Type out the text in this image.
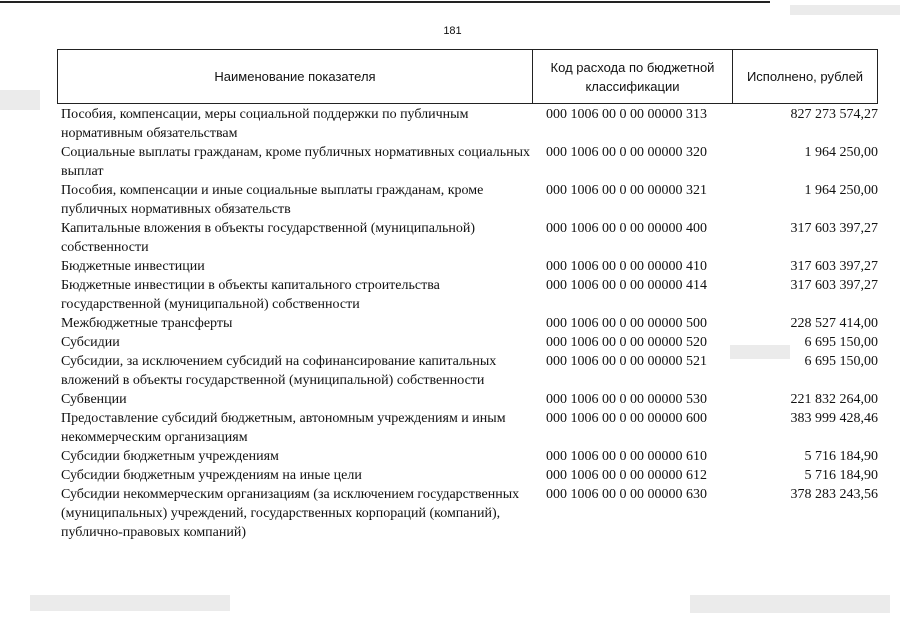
181
Наименование показателя
Код расхода по бюджетной классификации
Исполнено, рублей
Пособия, компенсации, меры социальной поддержки по публичным нормативным обязательствам
000 1006 00 0 00 00000 313	827 273 574,27
Социальные выплаты гражданам, кроме публичных нормативных социальных выплат
000 1006 00 0 00 00000 320	1 964 250,00
Пособия, компенсации и иные социальные выплаты гражданам, кроме публичных нормативных обязательств
000 1006 00 0 00 00000 321	1 964 250,00
Капитальные вложения в объекты государственной (муниципальной) собственности
000 1006 00 0 00 00000 400	317 603 397,27
Бюджетные инвестиции	000 1006 00 0 00 00000 410	317 603 397,27
Бюджетные инвестиции в объекты капитального строительства государственной (муниципальной) собственности
000 1006 00 0 00 00000 414	317 603 397,27
Межбюджетные трансферты	000 1006 00 0 00 00000 500	228 527 414,00
Субсидии	000 1006 00 0 00 00000 520	6 695 150,00
Субсидии, за исключением субсидий на софинансирование капитальных вложений в объекты государственной (муниципальной) собственности
000 1006 00 0 00 00000 521	6 695 150,00
Субвенции	000 1006 00 0 00 00000 530	221 832 264,00
Предоставление субсидий бюджетным, автономным учреждениям и иным некоммерческим организациям
000 1006 00 0 00 00000 600	383 999 428,46
Субсидии бюджетным учреждениям	000 1006 00 0 00 00000 610	5 716 184,90
Субсидии бюджетным учреждениям на иные цели	000 1006 00 0 00 00000 612	5 716 184,90
Субсидии некоммерческим организациям (за исключением государственных (муниципальных) учреждений, государственных корпораций (компаний), публично-правовых компаний)
000 1006 00 0 00 00000 630	378 283 243,56
